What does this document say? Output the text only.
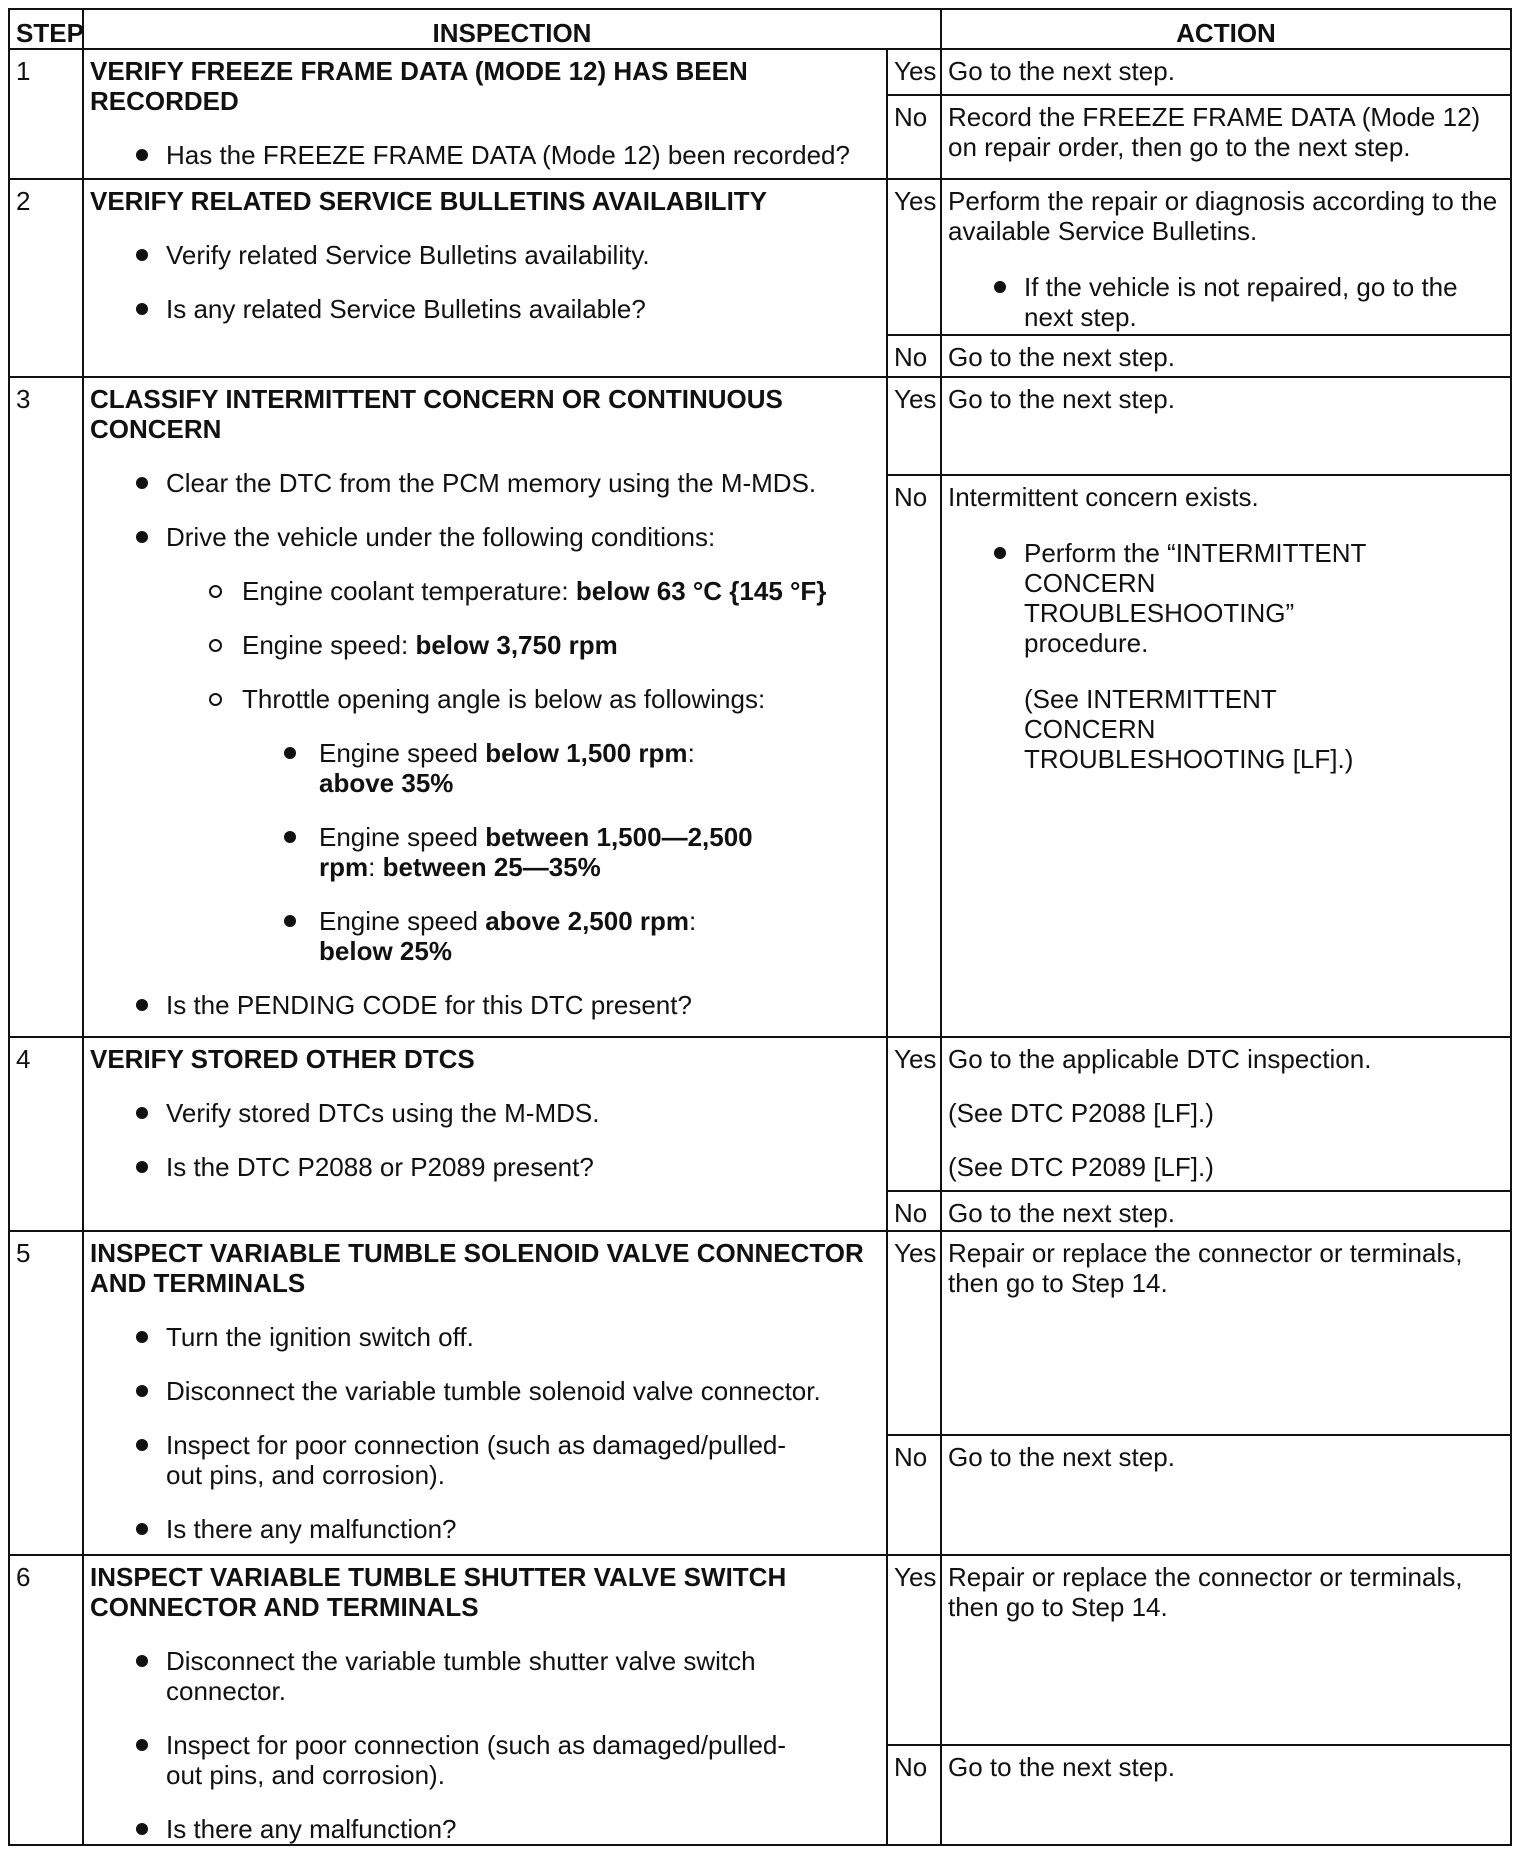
STEP	INSPECTION	ACTION
1	VERIFY FREEZE FRAME DATA (MODE 12) HAS BEEN RECORDED
Has the FREEZE FRAME DATA (Mode 12) been recorded?
Yes Go to the next step.
No Record the FREEZE FRAME DATA (Mode 12) on repair order, then go to the next step.
2	VERIFY RELATED SERVICE BULLETINS AVAILABILITY
Verify related Service Bulletins availability.
Is any related Service Bulletins available?
Yes Perform the repair or diagnosis according to the available Service Bulletins.
If the vehicle is not repaired, go to the next step.
No Go to the next step.
3	CLASSIFY INTERMITTENT CONCERN OR CONTINUOUS CONCERN
Clear the DTC from the PCM memory using the M-MDS.
Drive the vehicle under the following conditions:
Engine coolant temperature: below 63 °C {145 °F}
Engine speed: below 3,750 rpm
Throttle opening angle is below as followings:
Engine speed below 1,500 rpm: above 35%
Engine speed between 1,500—2,500 rpm: between 25—35%
Engine speed above 2,500 rpm: below 25%
Is the PENDING CODE for this DTC present?
Yes Go to the next step.
No Intermittent concern exists.
Perform the “INTERMITTENT CONCERN TROUBLESHOOTING” procedure.
(See INTERMITTENT CONCERN TROUBLESHOOTING [LF].)
4	VERIFY STORED OTHER DTCS
Verify stored DTCs using the M-MDS.
Is the DTC P2088 or P2089 present?
Yes Go to the applicable DTC inspection.
(See DTC P2088 [LF].)
(See DTC P2089 [LF].)
No Go to the next step.
5	INSPECT VARIABLE TUMBLE SOLENOID VALVE CONNECTOR AND TERMINALS
Turn the ignition switch off.
Disconnect the variable tumble solenoid valve connector.
Inspect for poor connection (such as damaged/pulled-out pins, and corrosion).
Is there any malfunction?
Yes Repair or replace the connector or terminals, then go to Step 14.
No Go to the next step.
6	INSPECT VARIABLE TUMBLE SHUTTER VALVE SWITCH CONNECTOR AND TERMINALS
Disconnect the variable tumble shutter valve switch connector.
Inspect for poor connection (such as damaged/pulled-out pins, and corrosion).
Is there any malfunction?
Yes Repair or replace the connector or terminals, then go to Step 14.
No Go to the next step.
